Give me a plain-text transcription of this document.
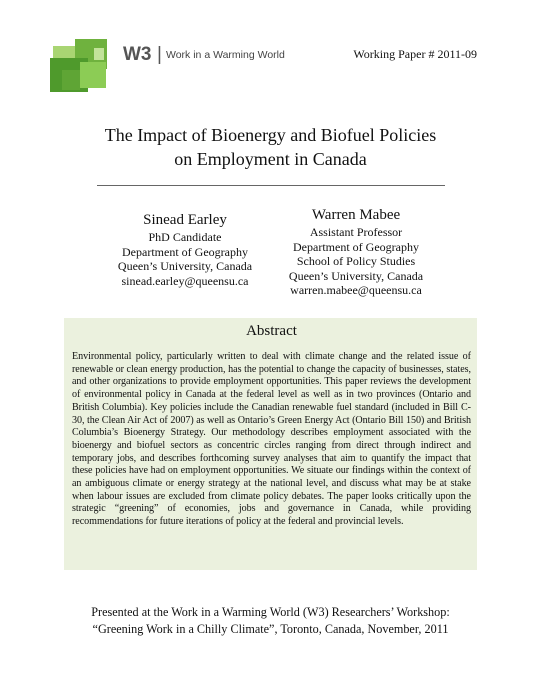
W3 | Work in a Warming World	Working Paper # 2011-09
The Impact of Bioenergy and Biofuel Policies
on Employment in Canada
Sinead Earley
PhD Candidate
Department of Geography
Queen’s University, Canada
sinead.earley@queensu.ca
Warren Mabee
Assistant Professor
Department of Geography
School of Policy Studies
Queen’s University, Canada
warren.mabee@queensu.ca
Abstract
Environmental policy, particularly written to deal with climate change and the related issue of renewable or clean energy production, has the potential to change the capacity of businesses, states, and other organizations to provide employment opportunities. This paper reviews the development of environmental policy in Canada at the federal level as well as in two provinces (Ontario and British Columbia). Key policies include the Canadian renewable fuel standard (included in Bill C-30, the Clean Air Act of 2007) as well as Ontario’s Green Energy Act (Ontario Bill 150) and British Columbia’s Bioenergy Strategy. Our methodology describes employment associated with the bioenergy and biofuel sectors as concentric circles ranging from direct through indirect and temporary jobs, and describes forthcoming survey analyses that aim to quantify the impact that these policies have had on employment opportunities. We situate our findings within the context of an ambiguous climate or energy strategy at the national level, and discuss what may be at stake when labour issues are excluded from climate policy debates. The paper looks critically upon the strategic “greening” of economies, jobs and governance in Canada, while providing recommendations for future iterations of policy at the federal and provincial levels.
Presented at the Work in a Warming World (W3) Researchers’ Workshop:
“Greening Work in a Chilly Climate”, Toronto, Canada, November, 2011
